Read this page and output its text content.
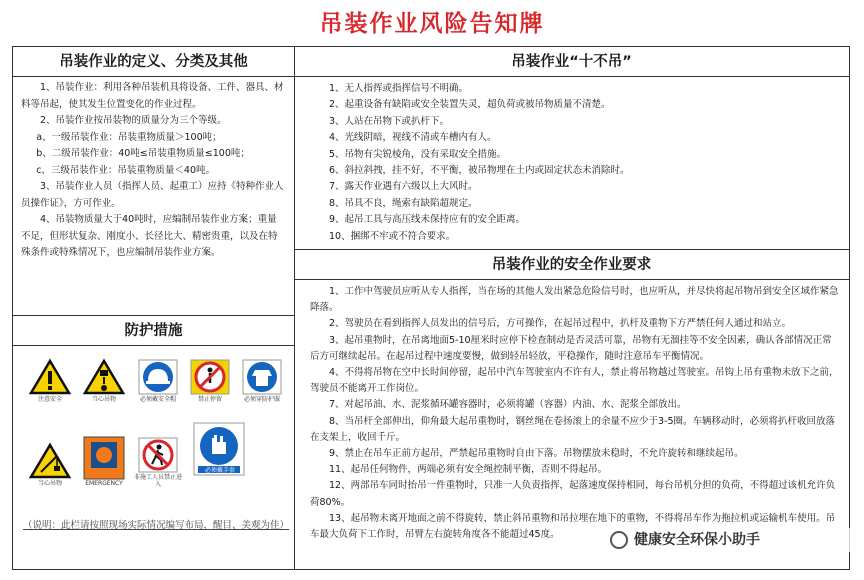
吊装作业风险告知牌
吊装作业的定义、分类及其他

1、吊装作业：利用各种吊装机具将设备、工件、器具、材料等吊起，使其发生位置变化的作业过程。

2、吊装作业按吊装物的质量分为三个等级。

a、一级吊装作业：吊装重物质量＞100吨；

b、二级吊装作业：40吨≤吊装重物质量≤100吨；

c、三级吊装作业：吊装重物质量＜40吨。

3、吊装作业人员（指挥人员、起重工）应持《特种作业人员操作证》，方可作业。

4、吊装物质量大于40吨时，应编制吊装作业方案；重量不足，但形状复杂、刚度小、长径比大、精密贵重，以及在特殊条件或特殊情况下，也应编制吊装作业方案。

防护措施
注意安全	当心吊物	必须戴安全帽	禁止停留	必须穿防护服
当心吊物	EMERGENCY
非施工人员禁止进入
必须戴手套
（说明：此栏请按照现场实际情况编写布局，醒目、美观为佳）
吊装作业“十不吊”

1、无人指挥或指挥信号不明确。

2、起重设备有缺陷或安全装置失灵，超负荷或被吊物质量不清楚。

3、人站在吊物下或扒杆下。

4、光线阴暗，视线不清或车槽内有人。

5、吊物有尖锐棱角，没有采取安全措施。

6、斜拉斜拽，挂不好，不平衡，被吊物埋在土内或固定状态未消除时。

7、露天作业遇有六级以上大风时。

8、吊具不良，绳索有缺陷超规定。

9、起吊工具与高压线未保持应有的安全距离。

10、捆绑不牢或不符合要求。

吊装作业的安全作业要求

1、工作中驾驶员应听从专人指挥，当在场的其他人发出紧急危险信号时，也应听从，并尽快将起吊物吊到安全区域作紧急降落。

2、驾驶员在看到指挥人员发出的信号后，方可操作，在起吊过程中，扒杆及重物下方严禁任何人通过和站立。

3、起吊重物时，在吊离地面5-10厘米时应停下检查制动是否灵活可靠，吊物有无溜挂等不安全因素，确认各部情况正常后方可继续起吊。在起吊过程中速度要慢，做到轻吊轻放，平稳操作，随时注意吊车平衡情况。

4、不得将吊物在空中长时间停留，起吊中汽车驾驶室内不许有人，禁止将吊物越过驾驶室。吊钩上吊有重物未放下之前，驾驶员不能离开工作岗位。

7、对起吊油、水、泥浆循环罐容器时，必须将罐（容器）内油、水、泥浆全部放出。

8、当吊杆全部伸出，仰角最大起吊重物时，钢丝绳在卷扬滚上的余量不应少于3-5圈。车辆移动时，必须将扒杆收回放落在支架上，收回千斤。

9、禁止在吊车正前方起吊，严禁起吊重物时自由下落。吊物摆放未稳时，不允许旋转和继续起吊。

11、起吊任何物件，两端必须有安全绳控制平衡，否则不得起吊。

12、两部吊车同时抬吊一件重物时，只准一人负责指挥，起落速度保持相同，每台吊机分担的负荷，不得超过该机允许负荷80%。

13、起吊物未离开地面之前不得旋转，禁止斜吊重物和吊拉埋在地下的重物，不得将吊车作为拖拉机或运输机车使用。吊车最大负荷下工作时，吊臂左右旋转角度各不能超过45度。	健康安全环保小助手
